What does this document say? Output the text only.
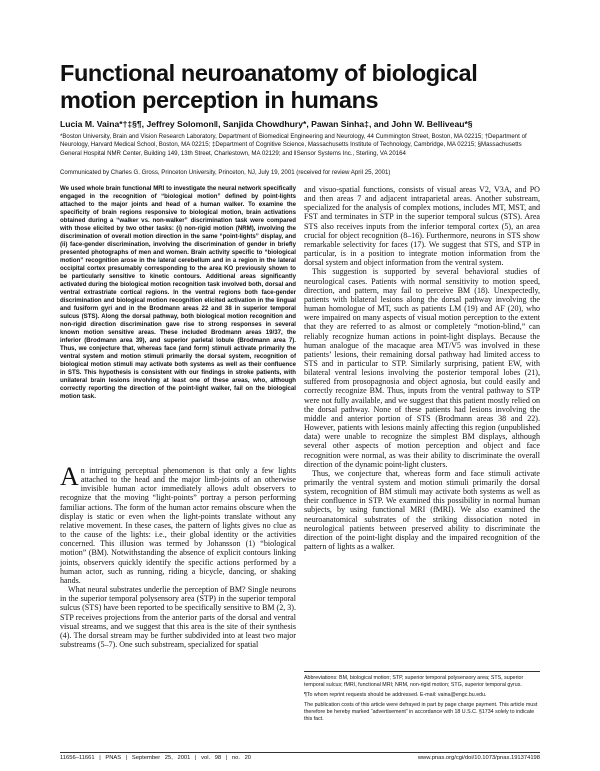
Functional neuroanatomy of biological motion perception in humans
Lucia M. Vaina*†‡§¶, Jeffrey Solomon‖, Sanjida Chowdhury*, Pawan Sinha‡, and John W. Belliveau*§
*Boston University, Brain and Vision Research Laboratory, Department of Biomedical Engineering and Neurology, 44 Cummington Street, Boston, MA 02215; †Department of Neurology, Harvard Medical School, Boston, MA 02215; ‡Department of Cognitive Science, Massachusetts Institute of Technology, Cambridge, MA 02215; §Massachusetts General Hospital NMR Center, Building 149, 13th Street, Charlestown, MA 02129; and ‖Sensor Systems Inc., Sterling, VA 20164
Communicated by Charles G. Gross, Princeton University, Princeton, NJ, July 19, 2001 (received for review April 25, 2001)
We used whole brain functional MRI to investigate the neural network specifically engaged in the recognition of “biological motion” defined by point-lights attached to the major joints and head of a human walker. To examine the specificity of brain regions responsive to biological motion, brain activations obtained during a “walker vs. non-walker” discrimination task were compared with those elicited by two other tasks: (i) non-rigid motion (NRM), involving the discrimination of overall motion direction in the same “point-lights” display, and (ii) face-gender discrimination, involving the discrimination of gender in briefly presented photographs of men and women. Brain activity specific to “biological motion” recognition arose in the lateral cerebellum and in a region in the lateral occipital cortex presumably corresponding to the area KO previously shown to be particularly sensitive to kinetic contours. Additional areas significantly activated during the biological motion recognition task involved both, dorsal and ventral extrastriate cortical regions. In the ventral regions both face-gender discrimination and biological motion recognition elicited activation in the lingual and fusiform gyri and in the Brodmann areas 22 and 38 in superior temporal sulcus (STS). Along the dorsal pathway, both biological motion recognition and non-rigid direction discrimination gave rise to strong responses in several known motion sensitive areas. These included Brodmann areas 19/37, the inferior (Brodmann area 39), and superior parietal lobule (Brodmann area 7). Thus, we conjecture that, whereas face (and form) stimuli activate primarily the ventral system and motion stimuli primarily the dorsal system, recognition of biological motion stimuli may activate both systems as well as their confluence in STS. This hypothesis is consistent with our findings in stroke patients, with unilateral brain lesions involving at least one of these areas, who, although correctly reporting the direction of the point-light walker, fail on the biological motion task.

An intriguing perceptual phenomenon is that only a few lights attached to the head and the major limb-joints of an otherwise invisible human actor immediately allows adult observers to recognize that the moving “light-points” portray a person performing familiar actions. The form of the human actor remains obscure when the display is static or even when the light-points translate without any relative movement. In these cases, the pattern of lights gives no clue as to the cause of the lights: i.e., their global identity or the activities concerned. This illusion was termed by Johansson (1) “biological motion” (BM). Notwithstanding the absence of explicit contours linking joints, observers quickly identify the specific actions performed by a human actor, such as running, riding a bicycle, dancing, or shaking hands.

What neural substrates underlie the perception of BM? Single neurons in the superior temporal polysensory area (STP) in the superior temporal sulcus (STS) have been reported to be specifically sensitive to BM (2, 3). STP receives projections from the anterior parts of the dorsal and ventral visual streams, and we suggest that this area is the site of their synthesis (4). The dorsal stream may be further subdivided into at least two major substreams (5–7). One such substream, specialized for spatial

and visuo-spatial functions, consists of visual areas V2, V3A, and PO and then areas 7 and adjacent intraparietal areas. Another substream, specialized for the analysis of complex motions, includes MT, MST, and FST and terminates in STP in the superior temporal sulcus (STS). Area STS also receives inputs from the inferior temporal cortex (5), an area crucial for object recognition (8–16). Furthermore, neurons in STS show remarkable selectivity for faces (17). We suggest that STS, and STP in particular, is in a position to integrate motion information from the dorsal system and object information from the ventral system.

This suggestion is supported by several behavioral studies of neurological cases. Patients with normal sensitivity to motion speed, direction, and pattern, may fail to perceive BM (18). Unexpectedly, patients with bilateral lesions along the dorsal pathway involving the human homologue of MT, such as patients LM (19) and AF (20), who were impaired on many aspects of visual motion perception to the extent that they are referred to as almost or completely “motion-blind,” can reliably recognize human actions in point-light displays. Because the human analogue of the macaque area MT/V5 was involved in these patients’ lesions, their remaining dorsal pathway had limited access to STS and in particular to STP. Similarly surprising, patient EW, with bilateral ventral lesions involving the posterior temporal lobes (21), suffered from prosopagnosia and object agnosia, but could easily and correctly recognize BM. Thus, inputs from the ventral pathway to STP were not fully available, and we suggest that this patient mostly relied on the dorsal pathway. None of these patients had lesions involving the middle and anterior portion of STS (Brodmann areas 38 and 22). However, patients with lesions mainly affecting this region (unpublished data) were unable to recognize the simplest BM displays, although several other aspects of motion perception and object and face recognition were normal, as was their ability to discriminate the overall direction of the dynamic point-light clusters.

Thus, we conjecture that, whereas form and face stimuli activate primarily the ventral system and motion stimuli primarily the dorsal system, recognition of BM stimuli may activate both systems as well as their confluence in STP. We examined this possibility in normal human subjects, by using functional MRI (fMRI). We also examined the neuroanatomical substrates of the striking dissociation noted in neurological patients between preserved ability to discriminate the direction of the point-light display and the impaired recognition of the pattern of lights as a walker.

Abbreviations: BM, biological motion; STP, superior temporal polysensory area; STS, superior temporal sulcus; fMRI, functional MRI; NRM, non-rigid motion; STG, superior temporal gyrus.

¶To whom reprint requests should be addressed. E-mail: vaina@engc.bu.edu.

The publication costs of this article were defrayed in part by page charge payment. This article must therefore be hereby marked “advertisement” in accordance with 18 U.S.C. §1734 solely to indicate this fact.

11656–11661 | PNAS | September 25, 2001 | vol. 98 | no. 20	www.pnas.org/cgi/doi/10.1073/pnas.191374198
